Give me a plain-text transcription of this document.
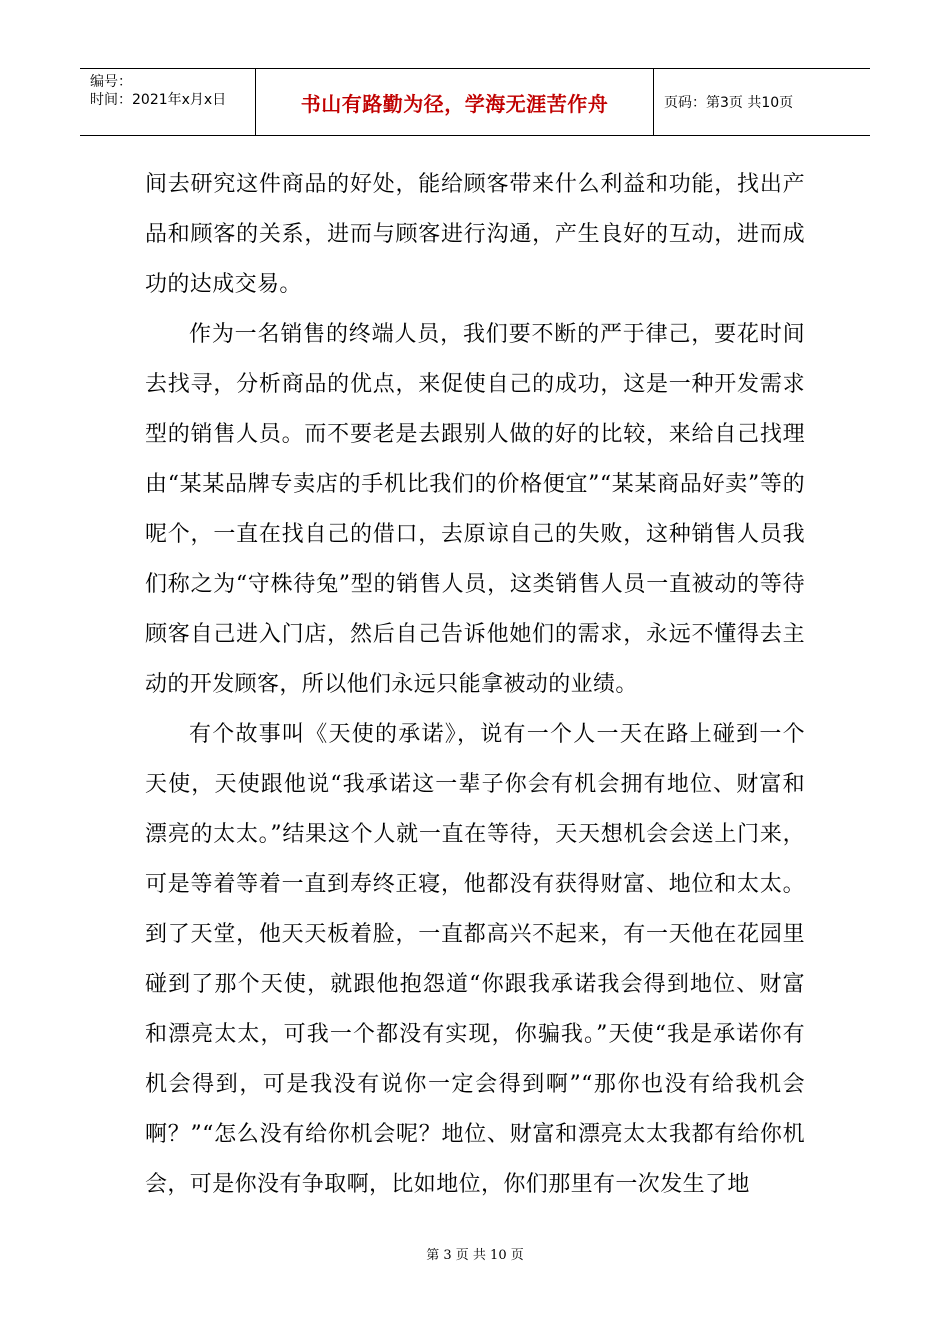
编号：
时间：2021年x月x日	书山有路勤为径，学海无涯苦作舟	页码：第3页 共10页

间去研究这件商品的好处，能给顾客带来什么利益和功能，找出产品和顾客的关系，进而与顾客进行沟通，产生良好的互动，进而成功的达成交易。

作为一名销售的终端人员，我们要不断的严于律己，要花时间去找寻，分析商品的优点，来促使自己的成功，这是一种开发需求型的销售人员。而不要老是去跟别人做的好的比较，来给自己找理由“某某品牌专卖店的手机比我们的价格便宜”“某某商品好卖”等的呢个，一直在找自己的借口，去原谅自己的失败，这种销售人员我们称之为“守株待兔”型的销售人员，这类销售人员一直被动的等待顾客自己进入门店，然后自己告诉他她们的需求，永远不懂得去主动的开发顾客，所以他们永远只能拿被动的业绩。

有个故事叫《天使的承诺》，说有一个人一天在路上碰到一个天使，天使跟他说“我承诺这一辈子你会有机会拥有地位、财富和漂亮的太太。”结果这个人就一直在等待，天天想机会会送上门来，可是等着等着一直到寿终正寝，他都没有获得财富、地位和太太。到了天堂，他天天板着脸，一直都高兴不起来，有一天他在花园里碰到了那个天使，就跟他抱怨道“你跟我承诺我会得到地位、财富和漂亮太太，可我一个都没有实现，你骗我。”天使“我是承诺你有机会得到，可是我没有说你一定会得到啊”“那你也没有给我机会啊？”“怎么没有给你机会呢？地位、财富和漂亮太太我都有给你机会，可是你没有争取啊，比如地位，你们那里有一次发生了地

第 3 页 共 10 页
